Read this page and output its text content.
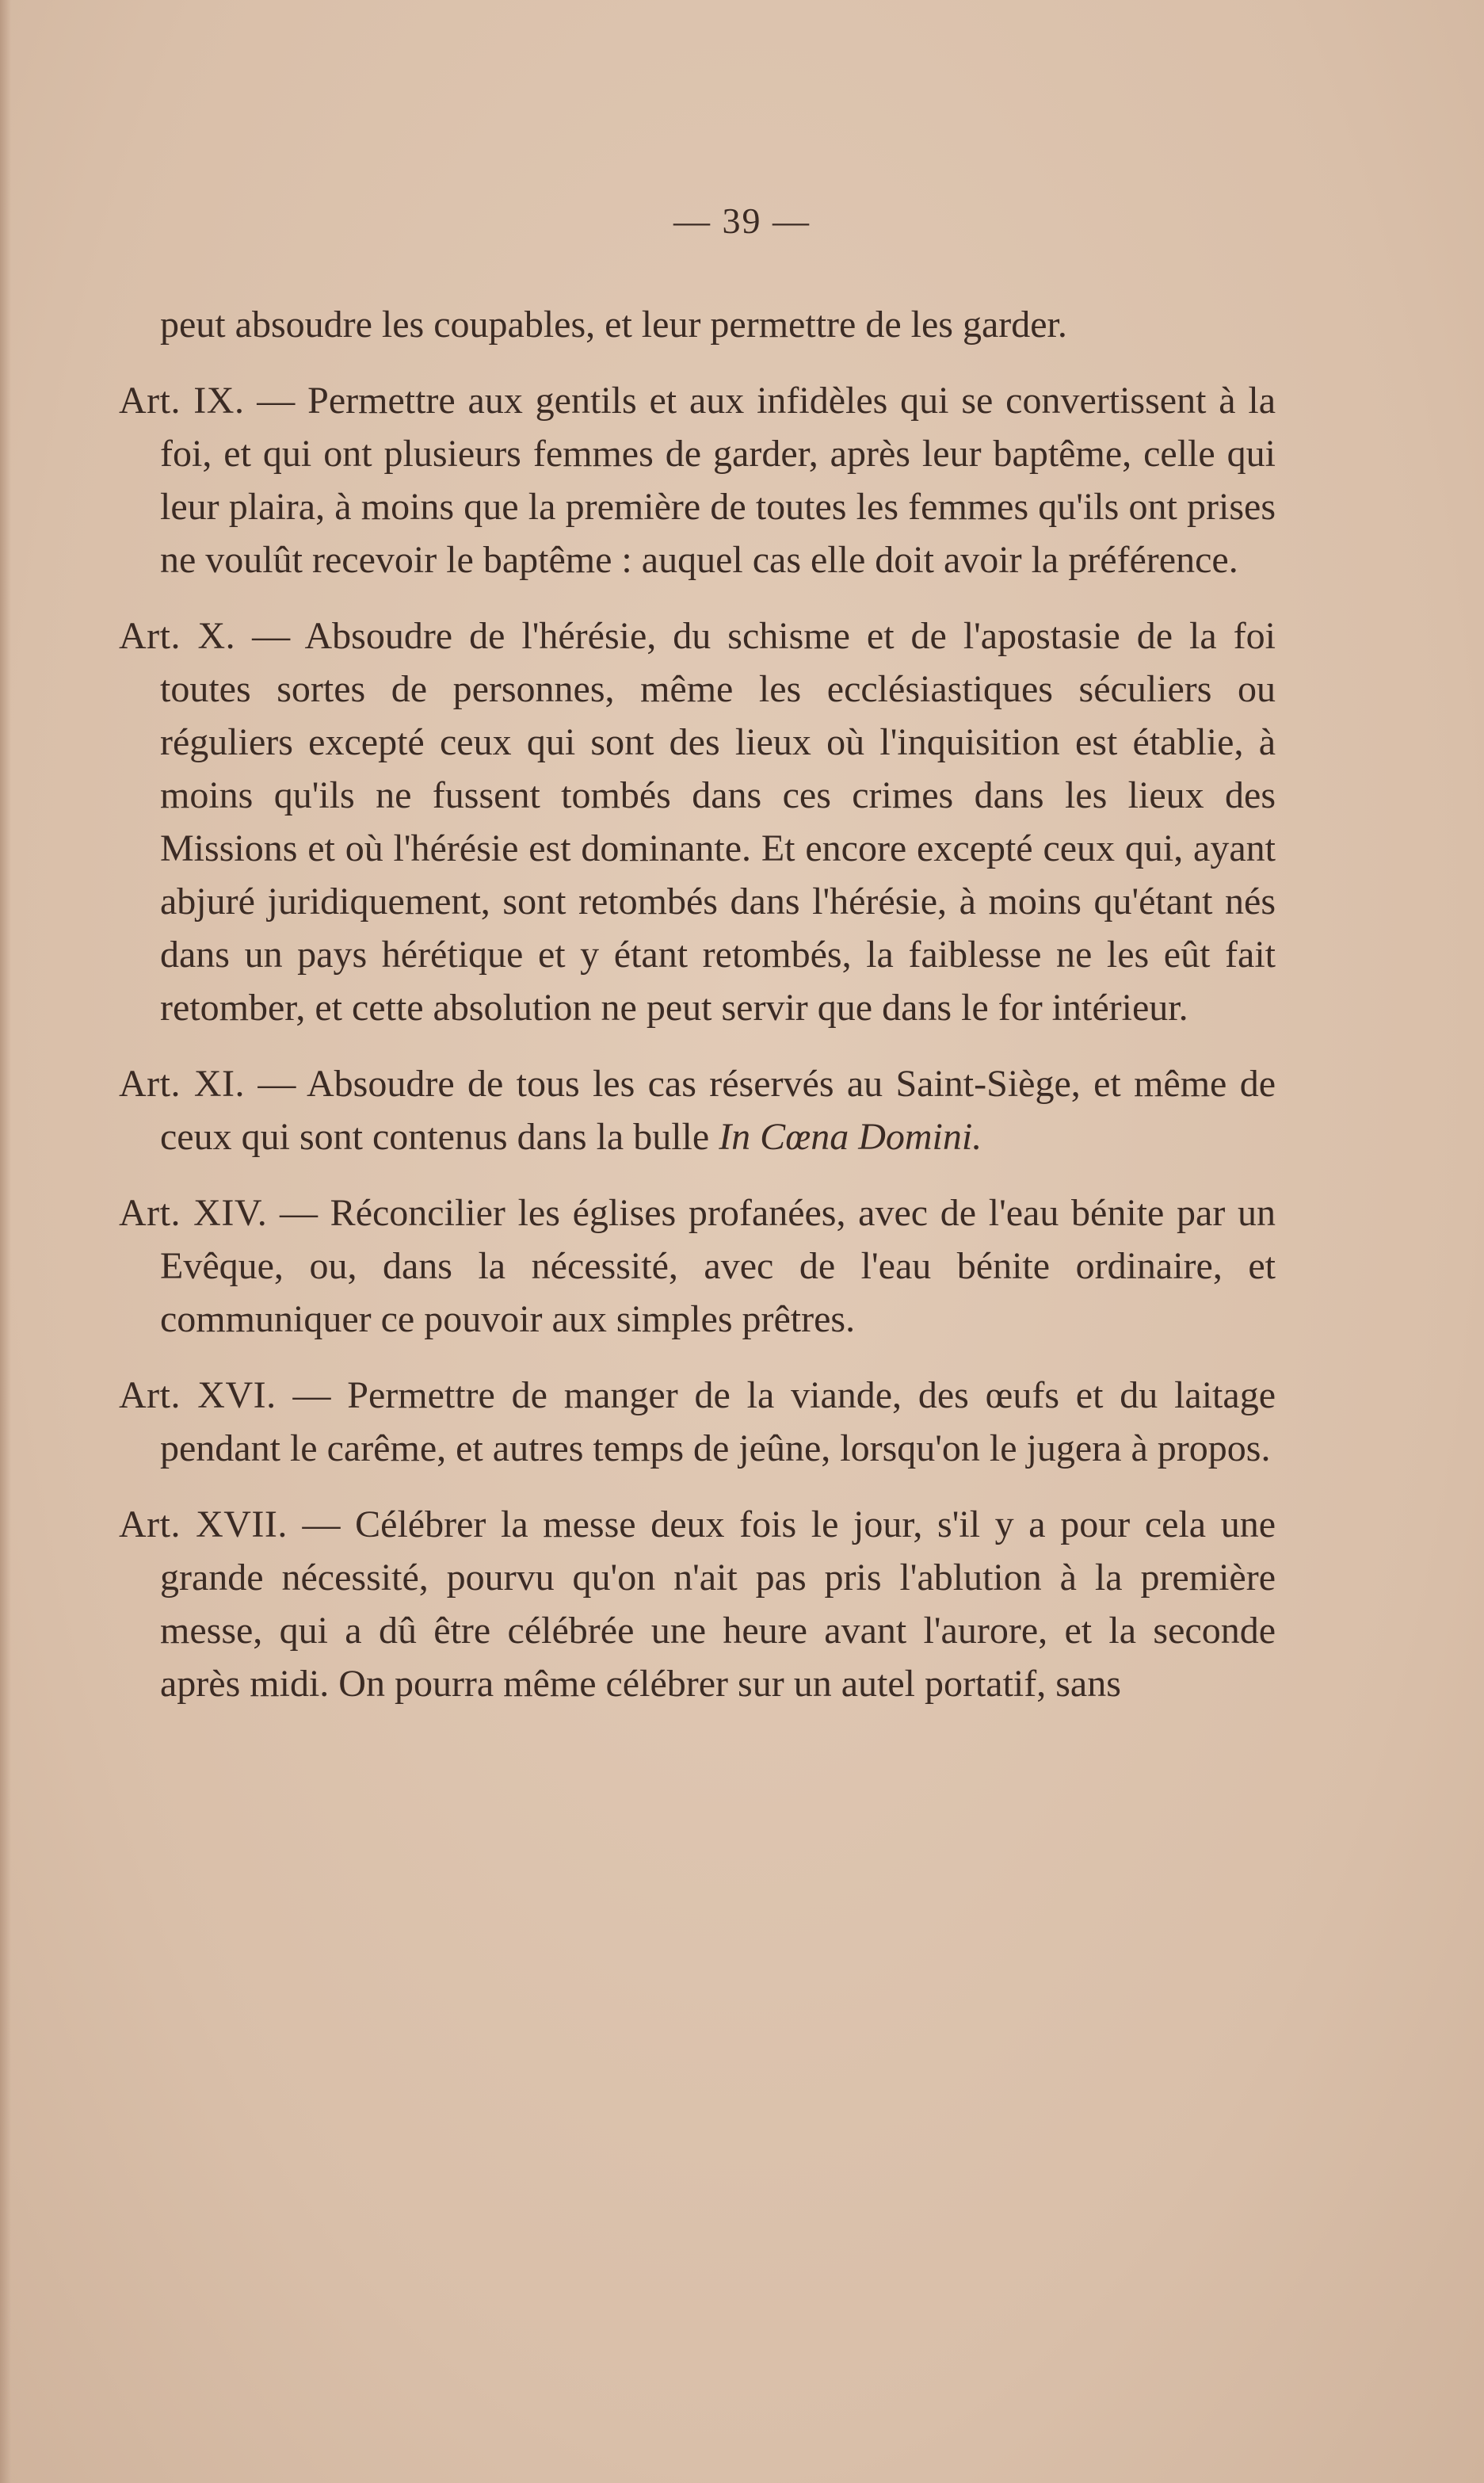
— 39 —

peut absoudre les coupables, et leur permettre de les garder.

Art. IX. — Permettre aux gentils et aux infidèles qui se convertissent à la foi, et qui ont plusieurs femmes de garder, après leur baptême, celle qui leur plaira, à moins que la première de toutes les femmes qu'ils ont prises ne voulût recevoir le baptême : auquel cas elle doit avoir la préférence.

Art. X. — Absoudre de l'hérésie, du schisme et de l'apostasie de la foi toutes sortes de personnes, même les ecclésiastiques séculiers ou réguliers excepté ceux qui sont des lieux où l'inquisition est établie, à moins qu'ils ne fussent tombés dans ces crimes dans les lieux des Missions et où l'hérésie est dominante. Et encore excepté ceux qui, ayant abjuré juridiquement, sont retombés dans l'hérésie, à moins qu'étant nés dans un pays hérétique et y étant retombés, la faiblesse ne les eût fait retomber, et cette absolution ne peut servir que dans le for intérieur.

Art. XI. — Absoudre de tous les cas réservés au Saint-Siège, et même de ceux qui sont contenus dans la bulle In Cœna Domini.

Art. XIV. — Réconcilier les églises profanées, avec de l'eau bénite par un Evêque, ou, dans la nécessité, avec de l'eau bénite ordinaire, et communiquer ce pouvoir aux simples prêtres.

Art. XVI. — Permettre de manger de la viande, des œufs et du laitage pendant le carême, et autres temps de jeûne, lorsqu'on le jugera à propos.

Art. XVII. — Célébrer la messe deux fois le jour, s'il y a pour cela une grande nécessité, pourvu qu'on n'ait pas pris l'ablution à la première messe, qui a dû être célébrée une heure avant l'aurore, et la seconde après midi. On pourra même célébrer sur un autel portatif, sans
